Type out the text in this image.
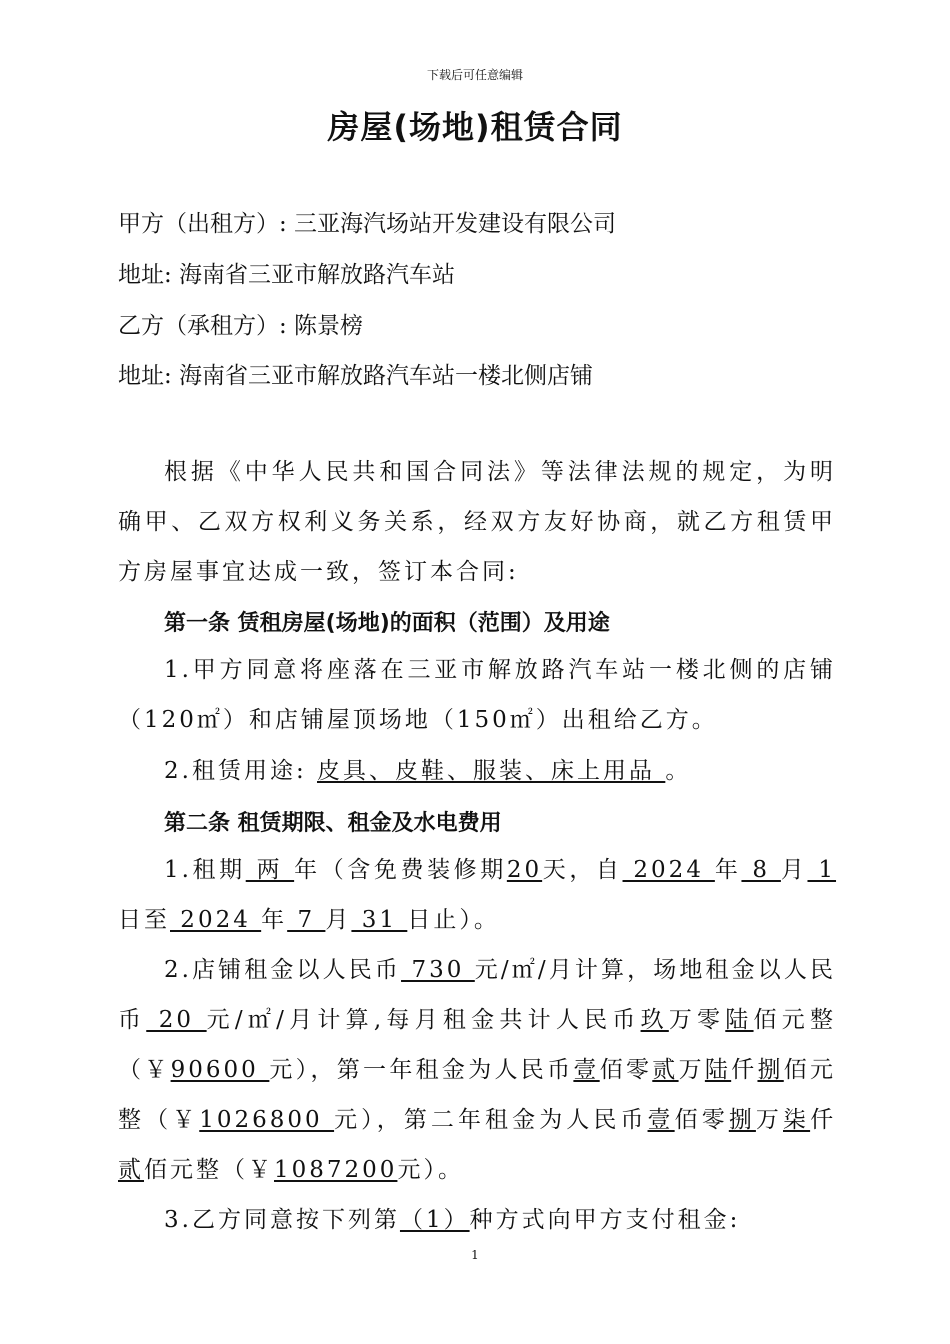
下载后可任意编辑
房屋(场地)租赁合同
甲方（出租方）: 三亚海汽场站开发建设有限公司
地址: 海南省三亚市解放路汽车站
乙方（承租方）: 陈景榜
地址: 海南省三亚市解放路汽车站一楼北侧店铺
根据《中华人民共和国合同法》等法律法规的规定，为明确甲、乙双方权利义务关系，经双方友好协商，就乙方租赁甲方房屋事宜达成一致，签订本合同:
第一条 赁租房屋(场地)的面积（范围）及用途
1.甲方同意将座落在三亚市解放路汽车站一楼北侧的店铺（120㎡）和店铺屋顶场地（150㎡）出租给乙方。
2.租赁用途: 皮具、皮鞋、服装、床上用品 。
第二条 租赁期限、租金及水电费用
1.租期 两 年（含免费装修期20天，自 2024 年 8 月 1 日至 2024 年 7 月 31 日止）。
2.店铺租金以人民币 730 元/㎡/月计算，场地租金以人民币 20 元/㎡/月计算,每月租金共计人民币玖万零陆佰元整（￥90600 元），第一年租金为人民币壹佰零贰万陆仟捌佰元整（￥1026800 元），第二年租金为人民币壹佰零捌万柒仟贰佰元整（￥1087200元）。
3.乙方同意按下列第（1）种方式向甲方支付租金:
1
